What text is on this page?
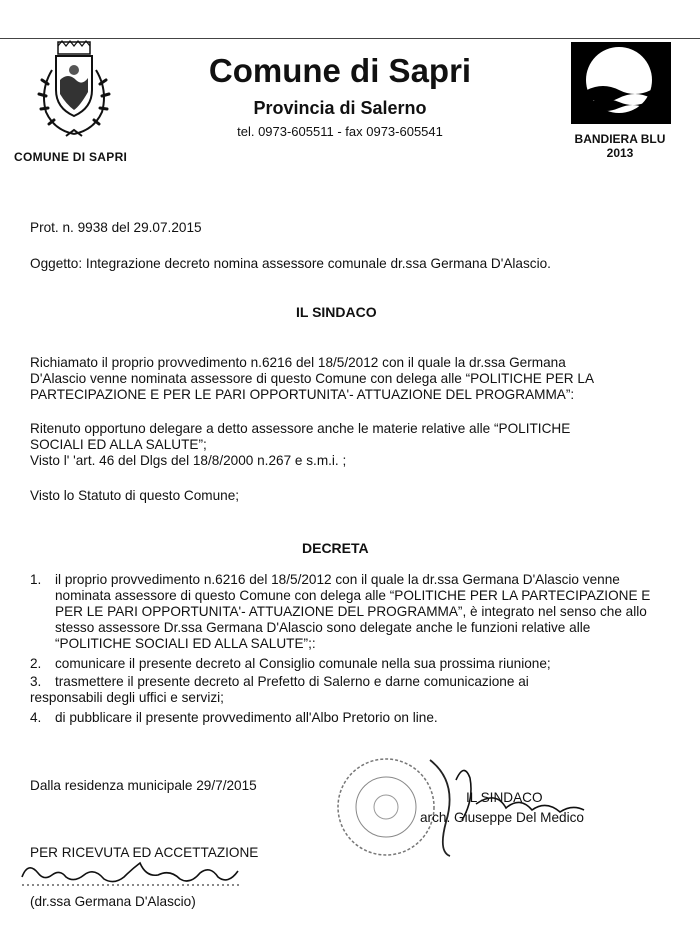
COMUNE DI SAPRI
Comune di Sapri
Provincia di Salerno
tel. 0973-605511 - fax 0973-605541	BANDIERA BLU
2013
Prot. n. 9938 del 29.07.2015
Oggetto: Integrazione decreto nomina assessore comunale dr.ssa Germana D'Alascio.
IL SINDACO
Richiamato il proprio provvedimento n.6216 del 18/5/2012 con il quale la dr.ssa Germana
D'Alascio venne nominata assessore di questo Comune con delega alle “POLITICHE PER LA
PARTECIPAZIONE E PER LE PARI OPPORTUNITA'- ATTUAZIONE DEL PROGRAMMA”:
Ritenuto opportuno delegare a detto assessore anche le materie relative alle “POLITICHE
SOCIALI ED ALLA SALUTE”;
Visto l' 'art. 46 del Dlgs del 18/8/2000 n.267 e s.m.i. ;
Visto lo Statuto di questo Comune;
DECRETA
1. il proprio provvedimento n.6216 del 18/5/2012 con il quale la dr.ssa Germana D'Alascio venne
nominata assessore di questo Comune con delega alle “POLITICHE PER LA PARTECIPAZIONE E
PER LE PARI OPPORTUNITA'- ATTUAZIONE DEL PROGRAMMA”, è integrato nel senso che allo
stesso assessore Dr.ssa Germana D'Alascio sono delegate anche le funzioni relative alle
“POLITICHE SOCIALI ED ALLA SALUTE”;:
2. comunicare il presente decreto al Consiglio comunale nella sua prossima riunione;
3. trasmettere il presente decreto al Prefetto di Salerno e darne comunicazione ai
responsabili degli uffici e servizi;
4. di pubblicare il presente provvedimento all'Albo Pretorio on line.
Dalla residenza municipale 29/7/2015
IL SINDACO
arch. Giuseppe Del Medico
PER RICEVUTA ED ACCETTAZIONE
(dr.ssa Germana D'Alascio)
